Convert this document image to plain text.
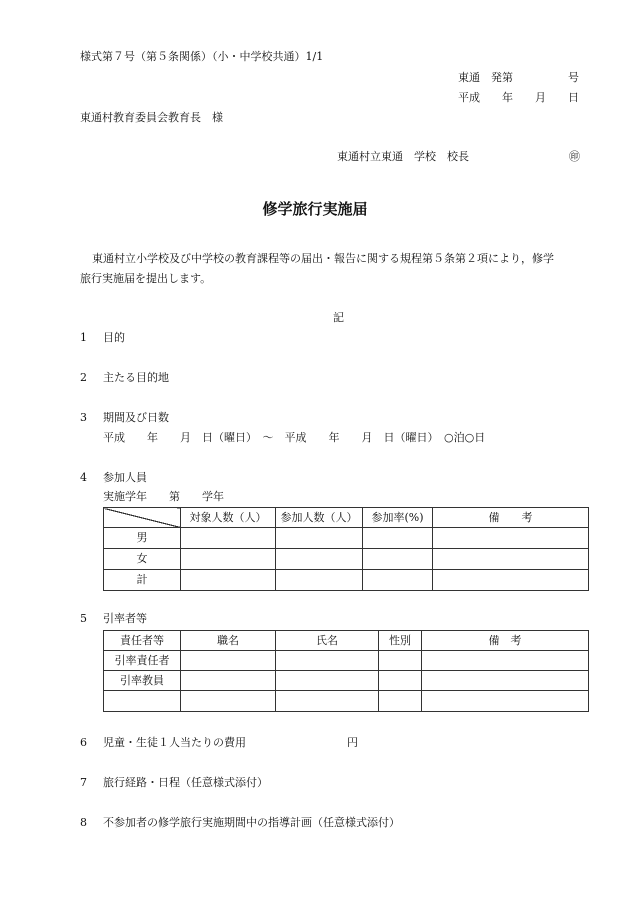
様式第７号（第５条関係）（小・中学校共通）1/1
東通　発第　　　　　号
平成　　年　　月　　日
東通村教育委員会教育長　様
東通村立東通　学校　校長	㊞
修学旅行実施届
東通村立小学校及び中学校の教育課程等の届出・報告に関する規程第５条第２項により，修学
旅行実施届を提出します。
記
1 目的
2 主たる目的地
3 期間及び日数
平成　　年　　月　日（曜日）　～　平成　　年　　月　日（曜日）　○泊○日
4 参加人員
実施学年　　第　　学年
	対象人数（人）	参加人数（人）	参加率(%)	備　　考
男				
女				
計				
5 引率者等
責任者等	職名	氏名	性別	備　考
引率責任者				
引率教員				

6 児童・生徒１人当たりの費用	円
7 旅行経路・日程（任意様式添付）
8 不参加者の修学旅行実施期間中の指導計画（任意様式添付）
